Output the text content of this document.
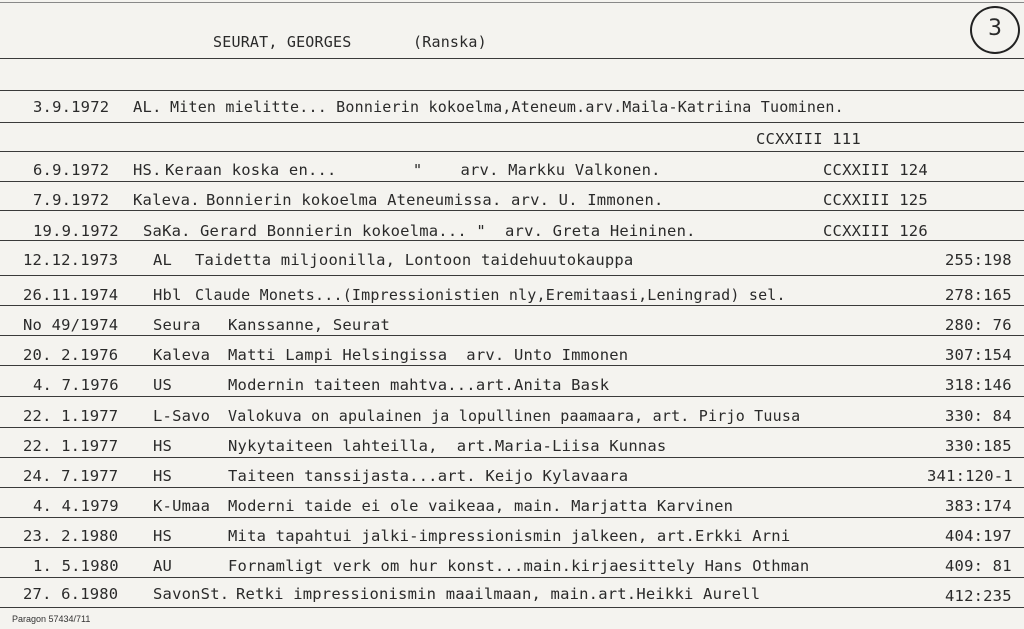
SEURAT, GEORGES	(Ranska)
3
3.9.1972 AL. Miten mielitte... Bonnierin kokoelma,Ateneum.arv.Maila-Katriina Tuominen.
CCXXIII 111
6.9.1972 HS. Keraan koska en...        "    arv. Markku Valkonen.	CCXXIII 124
7.9.1972 Kaleva. Bonnierin kokoelma Ateneumissa. arv. U. Immonen.	CCXXIII 125
19.9.1972 SaKa. Gerard Bonnierin kokoelma... "  arv. Greta Heininen.	CCXXIII 126
12.12.1973 AL Taidetta miljoonilla, Lontoon taidehuutokauppa	255:198
26.11.1974 Hbl Claude Monets...(Impressionistien nly,Eremitaasi,Leningrad) sel.	278:165
No 49/1974 Seura Kanssanne, Seurat	280: 76
20. 2.1976 Kaleva Matti Lampi Helsingissa  arv. Unto Immonen	307:154
4. 7.1976 US	Modernin taiteen mahtva...art.Anita Bask	318:146
22. 1.1977 L-Savo Valokuva on apulainen ja lopullinen paamaara, art. Pirjo Tuusa	330: 84
22. 1.1977 HS	Nykytaiteen lahteilla,  art.Maria-Liisa Kunnas	330:185
24. 7.1977 HS	Taiteen tanssijasta...art. Keijo Kylavaara	341:120-1
4. 4.1979 K-Umaa Moderni taide ei ole vaikeaa, main. Marjatta Karvinen	383:174
23. 2.1980 HS	Mita tapahtui jalki-impressionismin jalkeen, art.Erkki Arni	404:197
1. 5.1980 AU	Fornamligt verk om hur konst...main.kirjaesittely Hans Othman	409: 81
27. 6.1980 SavonSt. Retki impressionismin maailmaan, main.art.Heikki Aurell	412:235
Paragon 57434/711
